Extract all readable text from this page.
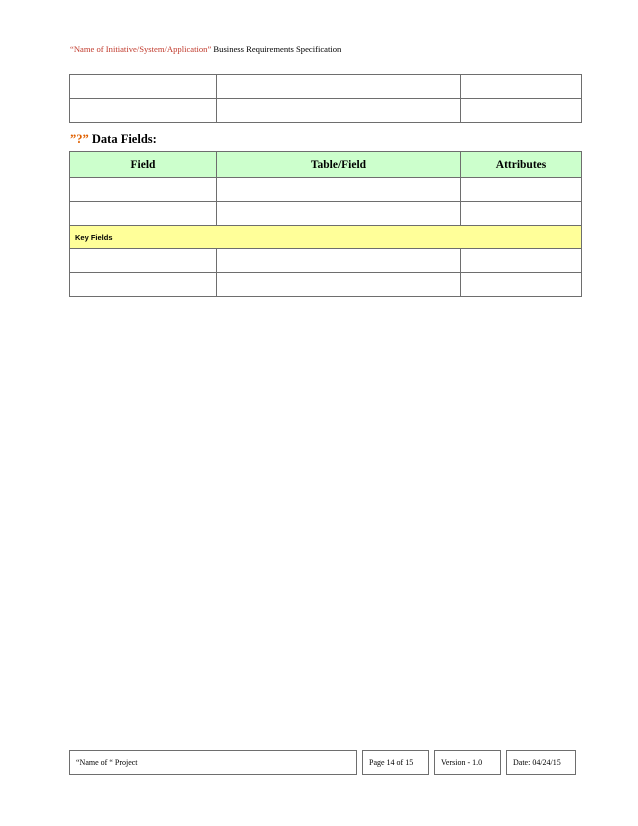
“Name of Initiative/System/Application” Business Requirements Specification

”?” Data Fields:
Field	Table/Field	Attributes

Key Fields		

“Name of “ Project		Page 14 of 15		Version - 1.0		Date: 04/24/15
